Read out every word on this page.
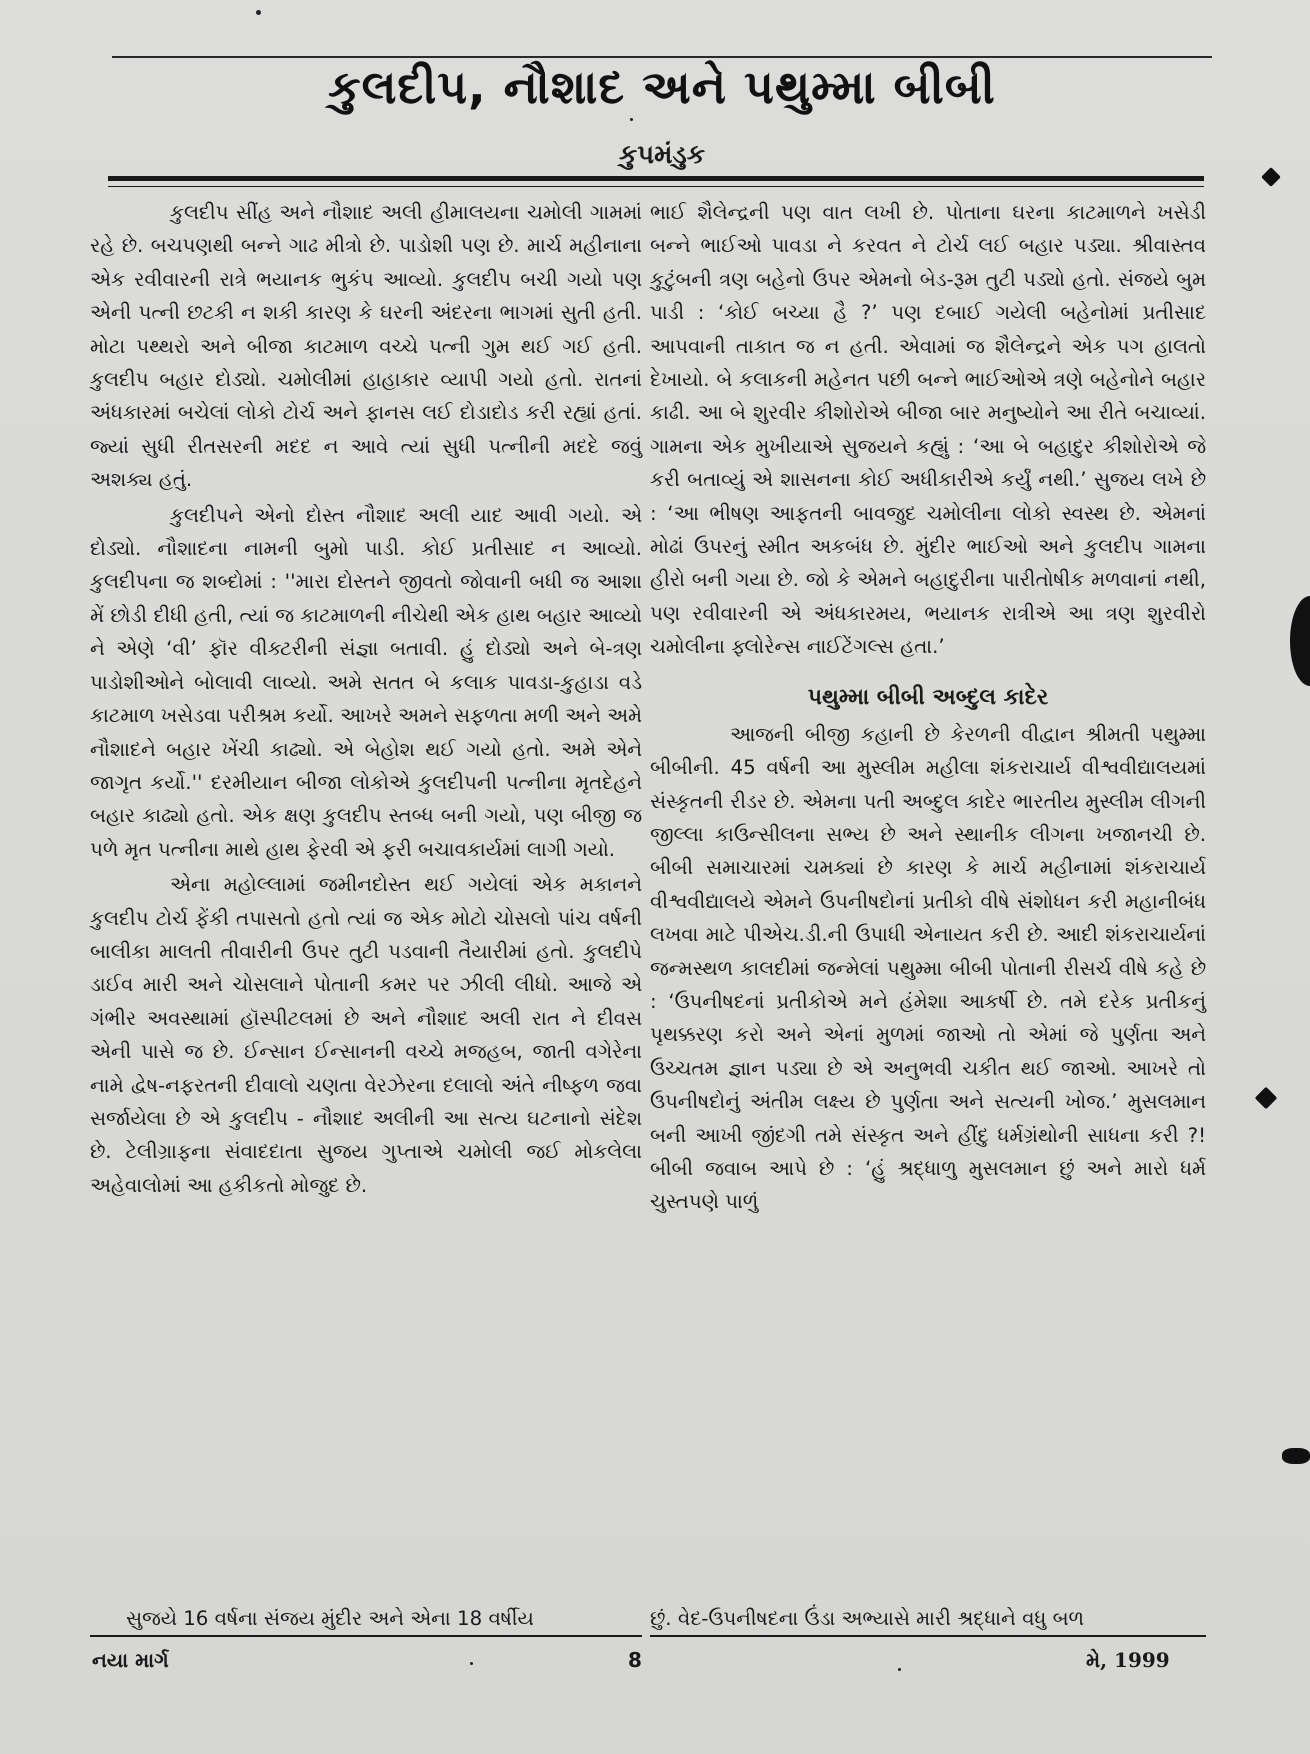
કુલદીપ, નૌશાદ અને પથુમ્મા બીબી
કુપમંડુક

કુલદીપ સીંહ અને નૌશાદ અલી હીમાલયના ચમોલી ગામમાં રહે છે. બચપણથી બન્ને ગાઢ મીત્રો છે. પાડોશી પણ છે. માર્ચ મહીનાના એક રવીવારની રાત્રે ભયાનક ભુકંપ આવ્યો. કુલદીપ બચી ગયો પણ એની પત્ની છટકી ન શકી કારણ કે ઘરની અંદરના ભાગમાં સુતી હતી. મોટા પથ્થરો અને બીજા કાટમાળ વચ્ચે પત્ની ગુમ થઈ ગઈ હતી. કુલદીપ બહાર દોડ્યો. ચમોલીમાં હાહાકાર વ્યાપી ગયો હતો. રાતનાં અંધકારમાં બચેલાં લોકો ટોર્ચ અને ફાનસ લઈ દોડાદોડ કરી રહ્યાં હતાં. જ્યાં સુધી રીતસરની મદદ ન આવે ત્યાં સુધી પત્નીની મદદે જવું અશક્ય હતું.

કુલદીપને એનો દોસ્ત નૌશાદ અલી યાદ આવી ગયો. એ દોડ્યો. નૌશાદના નામની બુમો પાડી. કોઈ પ્રતીસાદ ન આવ્યો. કુલદીપના જ શબ્દોમાં : ''મારા દોસ્તને જીવતો જોવાની બધી જ આશા મેં છોડી દીધી હતી, ત્યાં જ કાટમાળની નીચેથી એક હાથ બહાર આવ્યો ને એણે ‘વી’ ફૉર વીક્ટરીની સંજ્ઞા બતાવી. હું દોડ્યો અને બે-ત્રણ પાડોશીઓને બોલાવી લાવ્યો. અમે સતત બે કલાક પાવડા-કુહાડા વડે કાટમાળ ખસેડવા પરીશ્રમ કર્યો. આખરે અમને સફળતા મળી અને અમે નૌશાદને બહાર ખેંચી કાઢ્યો. એ બેહોશ થઈ ગયો હતો. અમે એને જાગૃત કર્યો.'' દરમીયાન બીજા લોકોએ કુલદીપની પત્નીના મૃતદેહને બહાર કાઢ્યો હતો. એક ક્ષણ કુલદીપ સ્તબ્ધ બની ગયો, પણ બીજી જ પળે મૃત પત્નીના માથે હાથ ફેરવી એ ફરી બચાવકાર્યમાં લાગી ગયો.

એના મહોલ્લામાં જમીનદોસ્ત થઈ ગયેલાં એક મકાનને કુલદીપ ટોર્ચ ફેંકી તપાસતો હતો ત્યાં જ એક મોટો ચોસલો પાંચ વર્ષની બાલીકા માલતી તીવારીની ઉપર તુટી પડવાની તૈયારીમાં હતો. કુલદીપે ડાઈવ મારી અને ચોસલાને પોતાની કમર પર ઝીલી લીધો. આજે એ ગંભીર અવસ્થામાં હૉસ્પીટલમાં છે અને નૌશાદ અલી રાત ને દીવસ એની પાસે જ છે. ઈન્સાન ઈન્સાનની વચ્ચે મજહબ, જાતી વગેરેના નામે દ્વેષ-નફરતની દીવાલો ચણતા વેરઝેરના દલાલો અંતે નીષ્ફળ જવા સર્જાયેલા છે એ કુલદીપ - નૌશાદ અલીની આ સત્ય ઘટનાનો સંદેશ છે. ટેલીગ્રાફના સંવાદદાતા સુજય ગુપ્તાએ ચમોલી જઈ મોકલેલા અહેવાલોમાં આ હકીકતો મોજુદ છે.

ભાઈ શૈલેન્દ્રની પણ વાત લખી છે. પોતાના ઘરના કાટમાળને ખસેડી બન્ને ભાઈઓ પાવડા ને કરવત ને ટોર્ચ લઈ બહાર પડ્યા. શ્રીવાસ્તવ કુટુંબની ત્રણ બહેનો ઉપર એમનો બેડ-રૂમ તુટી પડ્યો હતો. સંજયે બુમ પાડી : ‘કોઈ બચ્યા હૈ ?’ પણ દબાઈ ગયેલી બહેનોમાં પ્રતીસાદ આપવાની તાકાત જ ન હતી. એવામાં જ શૈલેન્દ્રને એક પગ હાલતો દેખાયો. બે કલાકની મહેનત પછી બન્ને ભાઈઓએ ત્રણે બહેનોને બહાર કાઢી. આ બે શુરવીર કીશોરોએ બીજા બાર મનુષ્યોને આ રીતે બચાવ્યાં. ગામના એક મુખીયાએ સુજયને કહ્યું : ‘આ બે બહાદુર કીશોરોએ જે કરી બતાવ્યું એ શાસનના કોઈ અધીકારીએ કર્યું નથી.’ સુજય લખે છે : ‘આ ભીષણ આફતની બાવજુદ ચમોલીના લોકો સ્વસ્થ છે. એમનાં મોઢાં ઉપરનું સ્મીત અકબંધ છે. મુંદીર ભાઈઓ અને કુલદીપ ગામના હીરો બની ગયા છે. જો કે એમને બહાદુરીના પારીતોષીક મળવાનાં નથી, પણ રવીવારની એ અંધકારમય, ભયાનક રાત્રીએ આ ત્રણ શુરવીરો ચમોલીના ફ્લોરેન્સ નાઈટેંગલ્સ હતા.’

પથુમ્મા બીબી અબ્દુલ કાદેર

આજની બીજી કહાની છે કેરળની વીદ્વાન શ્રીમતી પથુમ્મા બીબીની. 45 વર્ષની આ મુસ્લીમ મહીલા શંકરાચાર્ય વીશ્વવીદ્યાલયમાં સંસ્કૃતની રીડર છે. એમના પતી અબ્દુલ કાદેર ભારતીય મુસ્લીમ લીગની જીલ્લા કાઉન્સીલના સભ્ય છે અને સ્થાનીક લીગના ખજાનચી છે. બીબી સમાચારમાં ચમક્યાં છે કારણ કે માર્ચ મહીનામાં શંકરાચાર્ય વીશ્વવીદ્યાલયે એમને ઉપનીષદોનાં પ્રતીકો વીષે સંશોધન કરી મહાનીબંધ લખવા માટે પીએચ.ડી.ની ઉપાધી એનાયત કરી છે. આદી શંકરાચાર્યનાં જન્મસ્થળ કાલદીમાં જન્મેલાં પથુમ્મા બીબી પોતાની રીસર્ચ વીષે કહે છે : ‘ઉપનીષદનાં પ્રતીકોએ મને હંમેશા આકર્ષી છે. તમે દરેક પ્રતીકનું પૃથક્કરણ કરો અને એનાં મુળમાં જાઓ તો એમાં જે પુર્ણતા અને ઉચ્ચતમ જ્ઞાન પડ્યા છે એ અનુભવી ચકીત થઈ જાઓ. આખરે તો ઉપનીષદોનું અંતીમ લક્ષ્ય છે પુર્ણતા અને સત્યની ખોજ.’ મુસલમાન બની આખી જીંદગી તમે સંસ્કૃત અને હીંદુ ધર્મગ્રંથોની સાધના કરી ?! બીબી જવાબ આપે છે : ‘હું શ્રદ્ધાળુ મુસલમાન છું અને મારો ધર્મ ચુસ્તપણે પાળું

સુજયે 16 વર્ષના સંજય મુંદીર અને એના 18 વર્ષીય	છું. વેદ-ઉપનીષદના ઉંડા અભ્યાસે મારી શ્રદ્ધાને વધુ બળ
નયા માર્ગ	8	મે, 1999
